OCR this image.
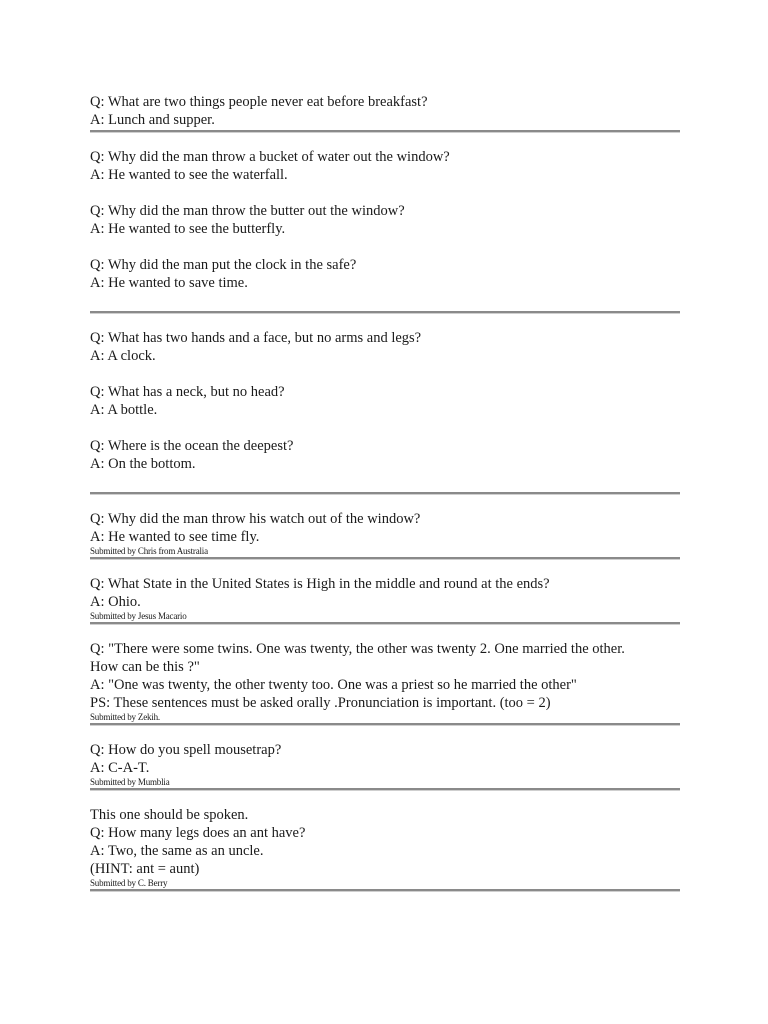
Q: What are two things people never eat before breakfast?
A: Lunch and supper.
Q: Why did the man throw a bucket of water out the window?
A: He wanted to see the waterfall.
Q: Why did the man throw the butter out the window?
A: He wanted to see the butterfly.
Q: Why did the man put the clock in the safe?
A: He wanted to save time.
Q: What has two hands and a face, but no arms and legs?
A: A clock.
Q: What has a neck, but no head?
A: A bottle.
Q: Where is the ocean the deepest?
A: On the bottom.
Q: Why did the man throw his watch out of the window?
A: He wanted to see time fly.
Submitted by Chris from Australia
Q: What State in the United States is High in the middle and round at the ends?
A: Ohio.
Submitted by Jesus Macario
Q: "There were some twins. One was twenty, the other was twenty 2. One married the other.
How can be this ?"
A: "One was twenty, the other twenty too. One was a priest so he married the other"
PS: These sentences must be asked orally .Pronunciation is important. (too = 2)
Submitted by Zekih.
Q: How do you spell mousetrap?
A: C-A-T.
Submitted by Mumblia
This one should be spoken.
Q: How many legs does an ant have?
A: Two, the same as an uncle.
(HINT: ant = aunt)
Submitted by C. Berry
